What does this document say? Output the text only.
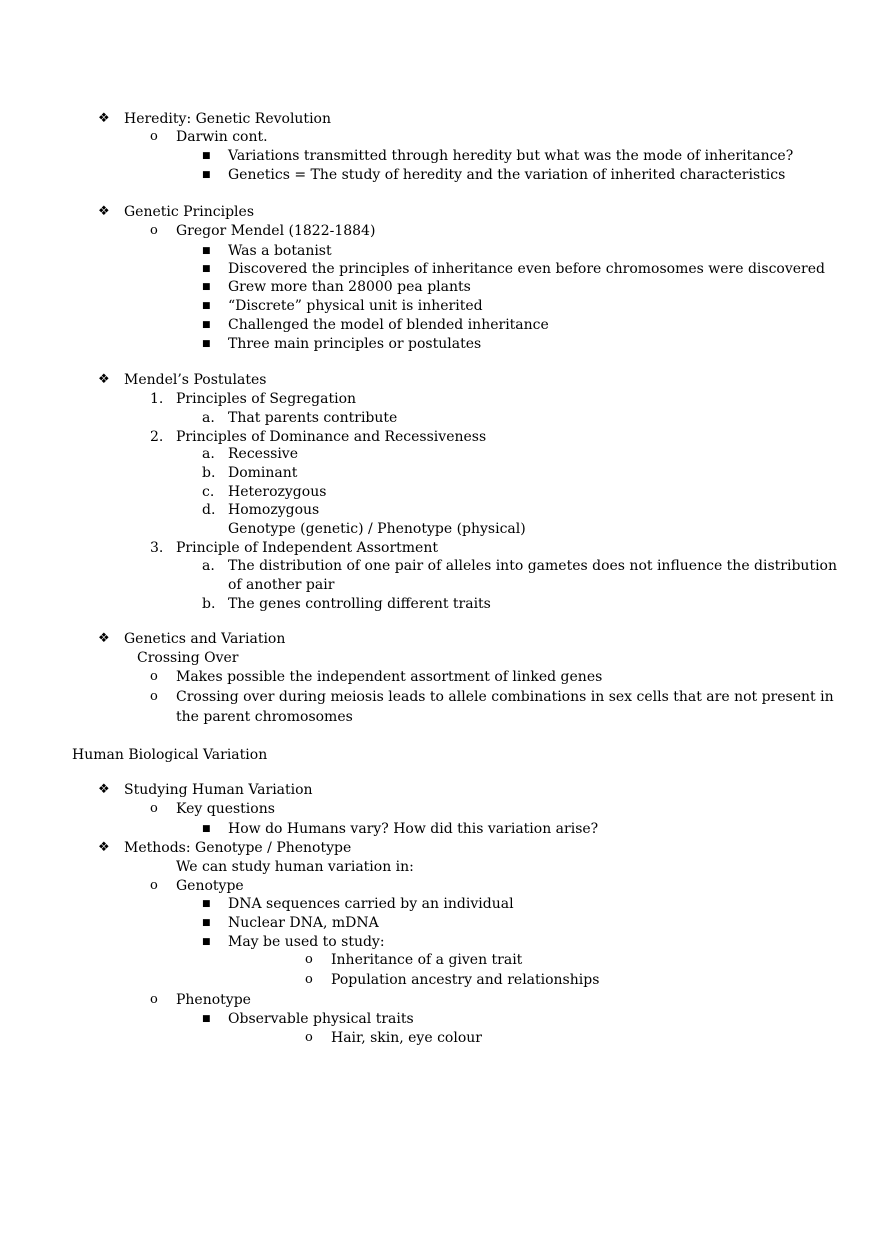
❖ Heredity: Genetic Revolution
o Darwin cont.
■ Variations transmitted through heredity but what was the mode of inheritance?
■ Genetics = The study of heredity and the variation of inherited characteristics
❖ Genetic Principles
o Gregor Mendel (1822-1884)
■ Was a botanist
■ Discovered the principles of inheritance even before chromosomes were discovered
■ Grew more than 28000 pea plants
■ “Discrete” physical unit is inherited
■ Challenged the model of blended inheritance
■ Three main principles or postulates
❖ Mendel’s Postulates
1. Principles of Segregation
a. That parents contribute
2. Principles of Dominance and Recessiveness
a. Recessive
b. Dominant
c. Heterozygous
d. Homozygous
Genotype (genetic) / Phenotype (physical)
3. Principle of Independent Assortment
a. The distribution of one pair of alleles into gametes does not influence the distribution
of another pair
b. The genes controlling different traits
❖ Genetics and Variation
Crossing Over
o Makes possible the independent assortment of linked genes
o Crossing over during meiosis leads to allele combinations in sex cells that are not present in
the parent chromosomes
Human Biological Variation
❖ Studying Human Variation
o Key questions
■ How do Humans vary? How did this variation arise?
❖ Methods: Genotype / Phenotype
We can study human variation in:
o Genotype
■ DNA sequences carried by an individual
■ Nuclear DNA, mDNA
■ May be used to study:
o Inheritance of a given trait
o Population ancestry and relationships
o Phenotype
■ Observable physical traits
o Hair, skin, eye colour
